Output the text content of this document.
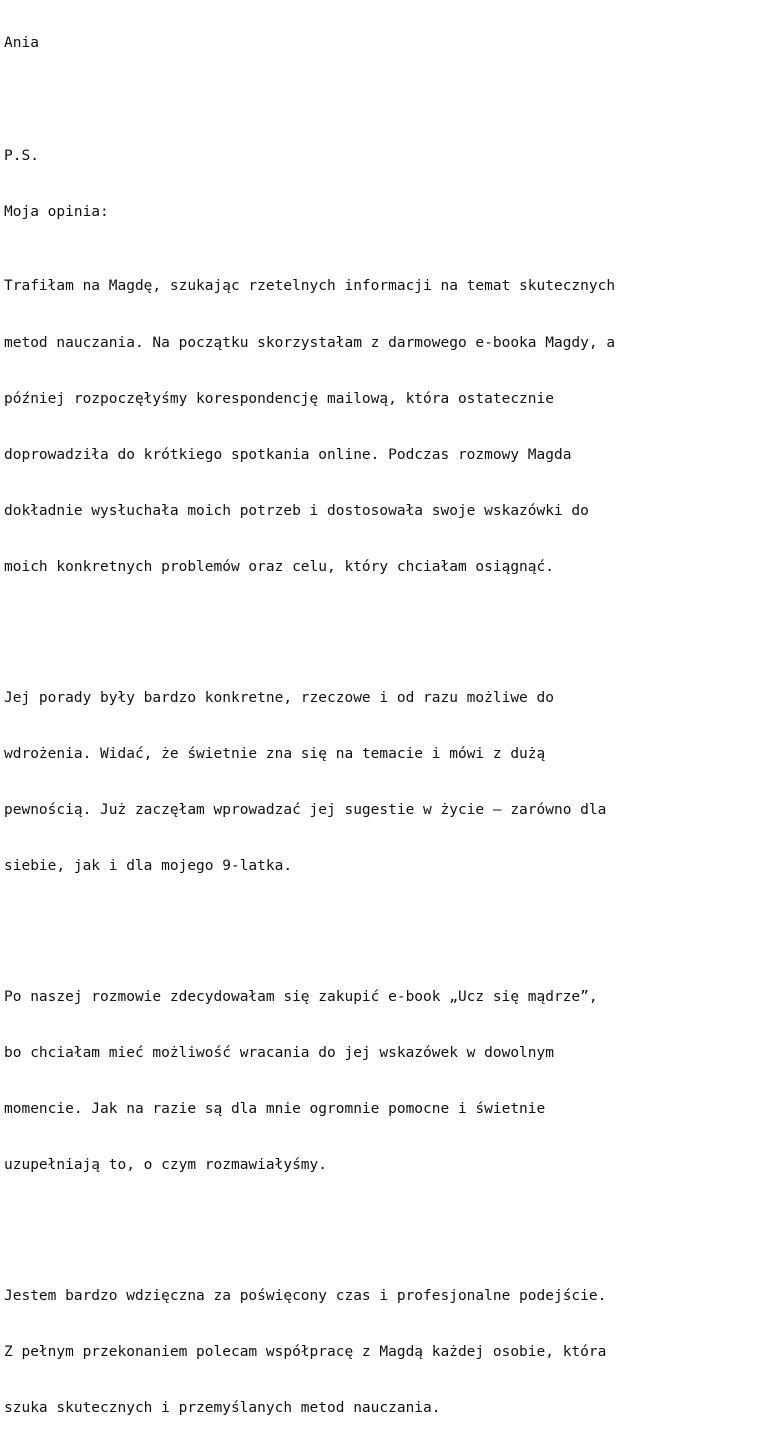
Ania

P.S.

Moja opinia:

Trafiłam na Magdę, szukając rzetelnych informacji na temat skutecznych

metod nauczania. Na początku skorzystałam z darmowego e-booka Magdy, a

później rozpoczęłyśmy korespondencję mailową, która ostatecznie

doprowadziła do krótkiego spotkania online. Podczas rozmowy Magda

dokładnie wysłuchała moich potrzeb i dostosowała swoje wskazówki do

moich konkretnych problemów oraz celu, który chciałam osiągnąć.

Jej porady były bardzo konkretne, rzeczowe i od razu możliwe do

wdrożenia. Widać, że świetnie zna się na temacie i mówi z dużą

pewnością. Już zaczęłam wprowadzać jej sugestie w życie – zarówno dla

siebie, jak i dla mojego 9-latka.

Po naszej rozmowie zdecydowałam się zakupić e-book „Ucz się mądrze”,

bo chciałam mieć możliwość wracania do jej wskazówek w dowolnym

momencie. Jak na razie są dla mnie ogromnie pomocne i świetnie

uzupełniają to, o czym rozmawiałyśmy.

Jestem bardzo wdzięczna za poświęcony czas i profesjonalne podejście.

Z pełnym przekonaniem polecam współpracę z Magdą każdej osobie, która

szuka skutecznych i przemyślanych metod nauczania.
